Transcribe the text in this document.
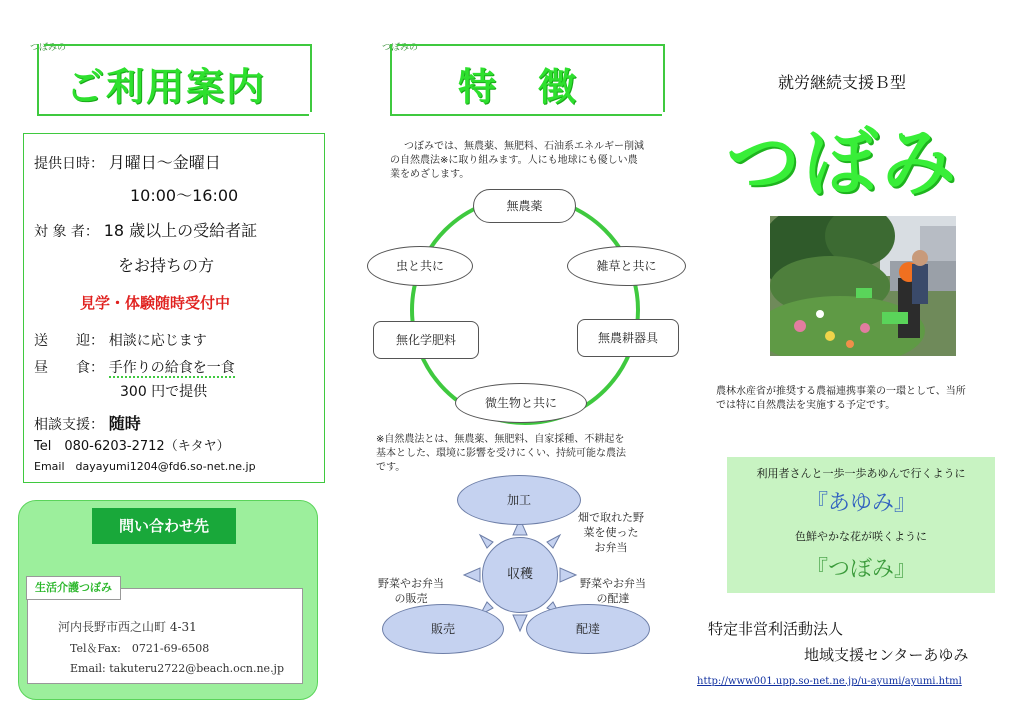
つぼみの
ご利用案内
提供日時： 月曜日～金曜日
10:00～16:00
対 象 者： 18 歳以上の受給者証
をお持ちの方
見学・体験随時受付中
送　　迎： 相談に応じます
昼　　食： 手作りの給食を一食
300 円で提供
相談支援： 随時
Tel　080-6203-2712（キタヤ）
Email　dayayumi1204@fd6.so-net.ne.jp
問い合わせ先
生活介護つぼみ
河内長野市西之山町 4-31
Tel＆Fax:　0721-69-6508
Email: takuteru2722@beach.ocn.ne.jp
つぼみの
特　徴
つぼみでは、無農薬、無肥料、石油系エネルギー削減
の自然農法※に取り組みます。人にも地球にも優しい農
業をめざします。
無農薬
雑草と共に
無農耕器具
微生物と共に
無化学肥料
虫と共に
※自然農法とは、無農薬、無肥料、自家採種、不耕起を
基本とした、環境に影響を受けにくい、持続可能な農法
です。
収穫
加工
販売	配達
畑で取れた野
菜を使った
お弁当
野菜やお弁当
の販売
野菜やお弁当
の配達
就労継続支援Ｂ型
つぼみ
農林水産省が推奨する農福連携事業の一環として、当所
では特に自然農法を実施する予定です。
利用者さんと一歩一歩あゆんで行くように
『あゆみ』
色鮮やかな花が咲くように
『つぼみ』
特定非営利活動法人
地域支援センターあゆみ
http://www001.upp.so-net.ne.jp/u-ayumi/ayumi.html
